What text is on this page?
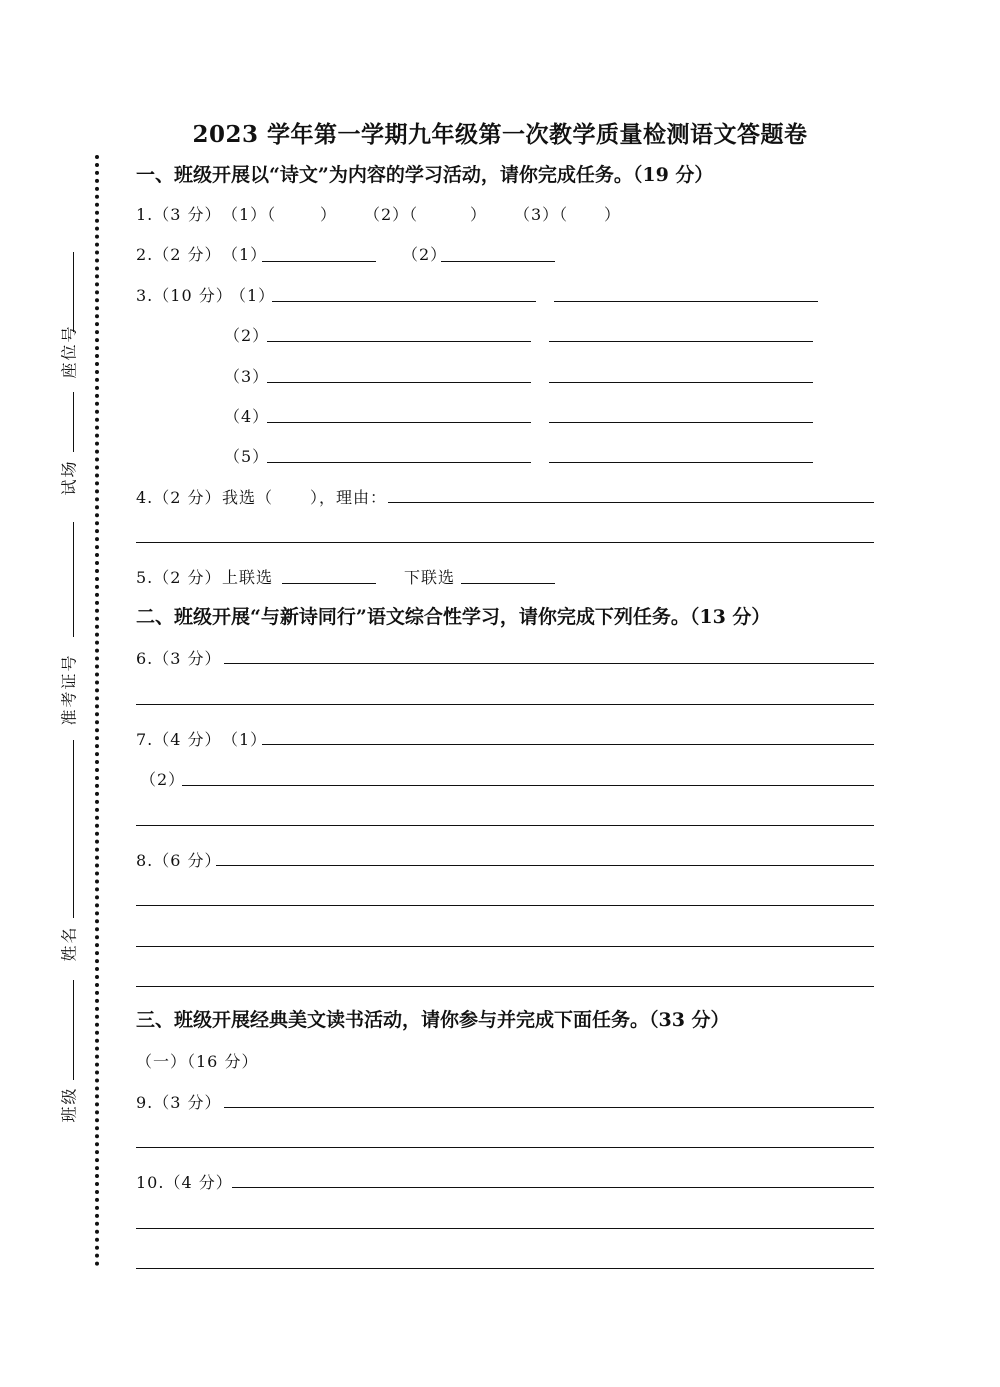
2023 学年第一学期九年级第一次教学质量检测语文答题卷
座位号
试场
准考证号
姓名
班级
一、班级开展以“诗文”为内容的学习活动，请你完成任务。（19 分）
1.（3 分） （1）（	） （2）（	） （3）（ ）
2.（2 分） （1）	（2）
3.（10 分）
（1）
（2）
（3）
（4）
（5）
4.（2 分） 我选（ ），理由：
5.（2 分） 上联选	下联选
二、班级开展“与新诗同行”语文综合性学习，请你完成下列任务。（13 分）
6.（3 分）
7.（4 分） （1）
（2）
8.（6 分）
三、班级开展经典美文读书活动，请你参与并完成下面任务。（33 分）
（一）（16 分）
9.（3 分）
10.（4 分）
